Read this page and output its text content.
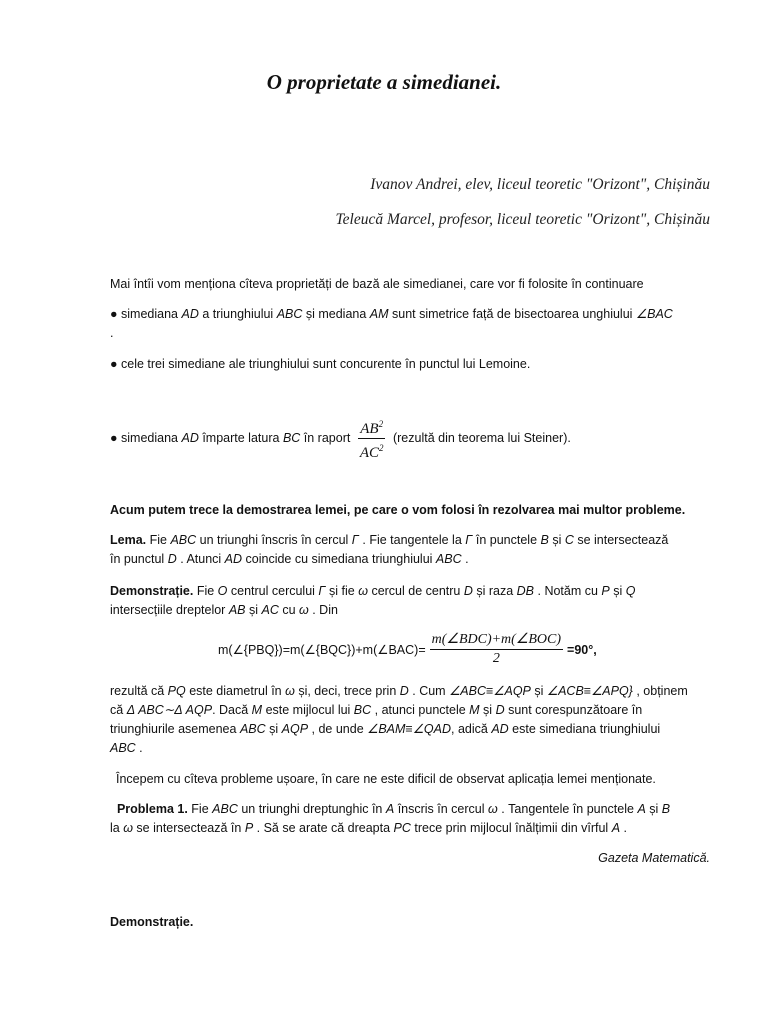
O proprietate a simedianei.
Ivanov Andrei, elev, liceul teoretic "Orizont", Chișinău
Teleucă Marcel, profesor, liceul teoretic "Orizont", Chișinău
Mai întîi vom menționa cîteva proprietăți de bază ale simedianei, care vor fi folosite în continuare
● simediana AD a triunghiului ABC și mediana AM sunt simetrice față de bisectoarea unghiului ∠BAC
.
● cele trei simediane ale triunghiului sunt concurente în punctul lui Lemoine.
● simediana AD împarte latura BC în raport $\frac{AB^2}{AC^2}$ (rezultă din teorema lui Steiner).
Acum putem trece la demostrarea lemei, pe care o vom folosi în rezolvarea mai multor probleme.
Lema. Fie ABC un triunghi înscris în cercul Γ . Fie tangentele la Γ în punctele B și C se intersectează
în punctul D . Atunci AD coincide cu simediana triunghiului ABC .
Demonstrație. Fie O centrul cercului Γ și fie ω cercul de centru D și raza DB . Notăm cu P și Q
intersecțiile dreptelor AB și AC cu ω . Din
m(∠{PBQ})=m(∠{BQC})+m(∠BAC)= $\frac{\text{m(∠BDC)+m(∠BOC)}}{2} =90^\circ$,
rezultă că PQ este diametrul în ω și, deci, trece prin D . Cum ∠ABC≡∠AQP și ∠ACB≡∠APQ} , obținem
că Δ ABC∼Δ AQP. Dacă M este mijlocul lui BC , atunci punctele M și D sunt corespunzătoare în
triunghiurile asemenea ABC și AQP , de unde ∠BAM≡∠QAD, adică AD este simediana triunghiului
ABC .
Începem cu cîteva probleme ușoare, în care ne este dificil de observat aplicația lemei menționate.
Problema 1. Fie ABC un triunghi dreptunghic în A înscris în cercul ω . Tangentele în punctele A și B
la ω se intersectează în P . Să se arate că dreapta PC trece prin mijlocul înălțimii din vîrful A .
Gazeta Matematică.
Demonstrație.
